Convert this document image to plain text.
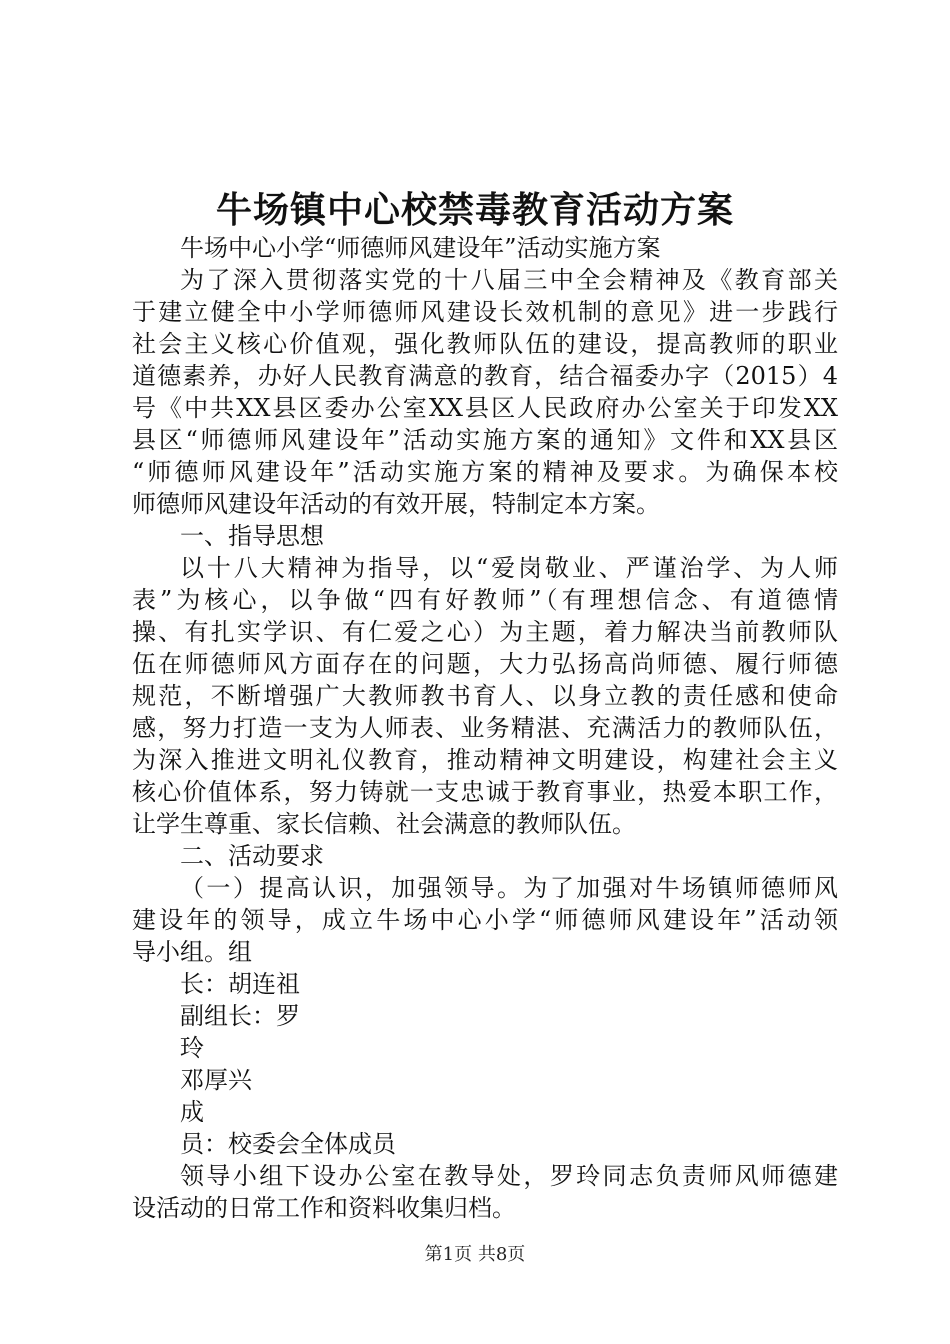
牛场镇中心校禁毒教育活动方案
牛场中心小学“师德师风建设年”活动实施方案
为了深入贯彻落实党的十八届三中全会精神及《教育部关
于建立健全中小学师德师风建设长效机制的意见》进一步践行
社会主义核心价值观，强化教师队伍的建设，提高教师的职业
道德素养，办好人民教育满意的教育，结合福委办字（2015）4
号《中共XX县区委办公室XX县区人民政府办公室关于印发XX
县区“师德师风建设年”活动实施方案的通知》文件和XX县区
“师德师风建设年”活动实施方案的精神及要求。为确保本校
师德师风建设年活动的有效开展，特制定本方案。
一、指导思想
以十八大精神为指导，以“爱岗敬业、严谨治学、为人师
表”为核心，以争做“四有好教师”（有理想信念、有道德情
操、有扎实学识、有仁爱之心）为主题，着力解决当前教师队
伍在师德师风方面存在的问题，大力弘扬高尚师德、履行师德
规范，不断增强广大教师教书育人、以身立教的责任感和使命
感，努力打造一支为人师表、业务精湛、充满活力的教师队伍，
为深入推进文明礼仪教育，推动精神文明建设，构建社会主义
核心价值体系，努力铸就一支忠诚于教育事业，热爱本职工作，
让学生尊重、家长信赖、社会满意的教师队伍。
二、活动要求
（一）提高认识，加强领导。为了加强对牛场镇师德师风
建设年的领导，成立牛场中心小学“师德师风建设年”活动领
导小组。组
长：胡连祖
副组长：罗
玲
邓厚兴
成
员：校委会全体成员
领导小组下设办公室在教导处，罗玲同志负责师风师德建
设活动的日常工作和资料收集归档。
第1页 共8页
